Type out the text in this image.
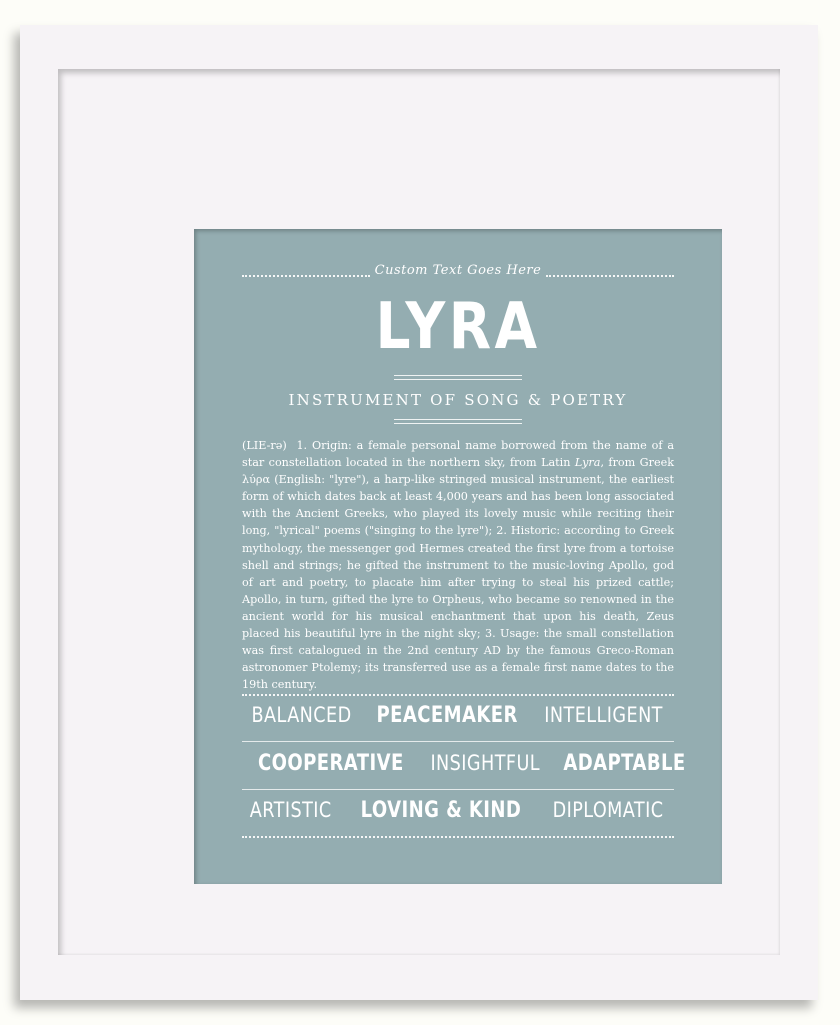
Custom Text Goes Here
LYRA
INSTRUMENT OF SONG & POETRY
(LIE-rə) 1. Origin: a female personal name borrowed from the name of a star constellation located in the northern sky, from Latin Lyra, from Greek λύρα (English: "lyre"), a harp-like stringed musical instrument, the earliest form of which dates back at least 4,000 years and has been long associated with the Ancient Greeks, who played its lovely music while reciting their long, "lyrical" poems ("singing to the lyre"); 2. Historic: according to Greek mythology, the messenger god Hermes created the first lyre from a tortoise shell and strings; he gifted the instrument to the music-loving Apollo, god of art and poetry, to placate him after trying to steal his prized cattle; Apollo, in turn, gifted the lyre to Orpheus, who became so renowned in the ancient world for his musical enchantment that upon his death, Zeus placed his beautiful lyre in the night sky; 3. Usage: the small constellation was first catalogued in the 2nd century AD by the famous Greco-Roman astronomer Ptolemy; its transferred use as a female first name dates to the 19th century.
BALANCED PEACEMAKER INTELLIGENT
COOPERATIVE INSIGHTFUL ADAPTABLE
ARTISTIC LOVING & KIND DIPLOMATIC
